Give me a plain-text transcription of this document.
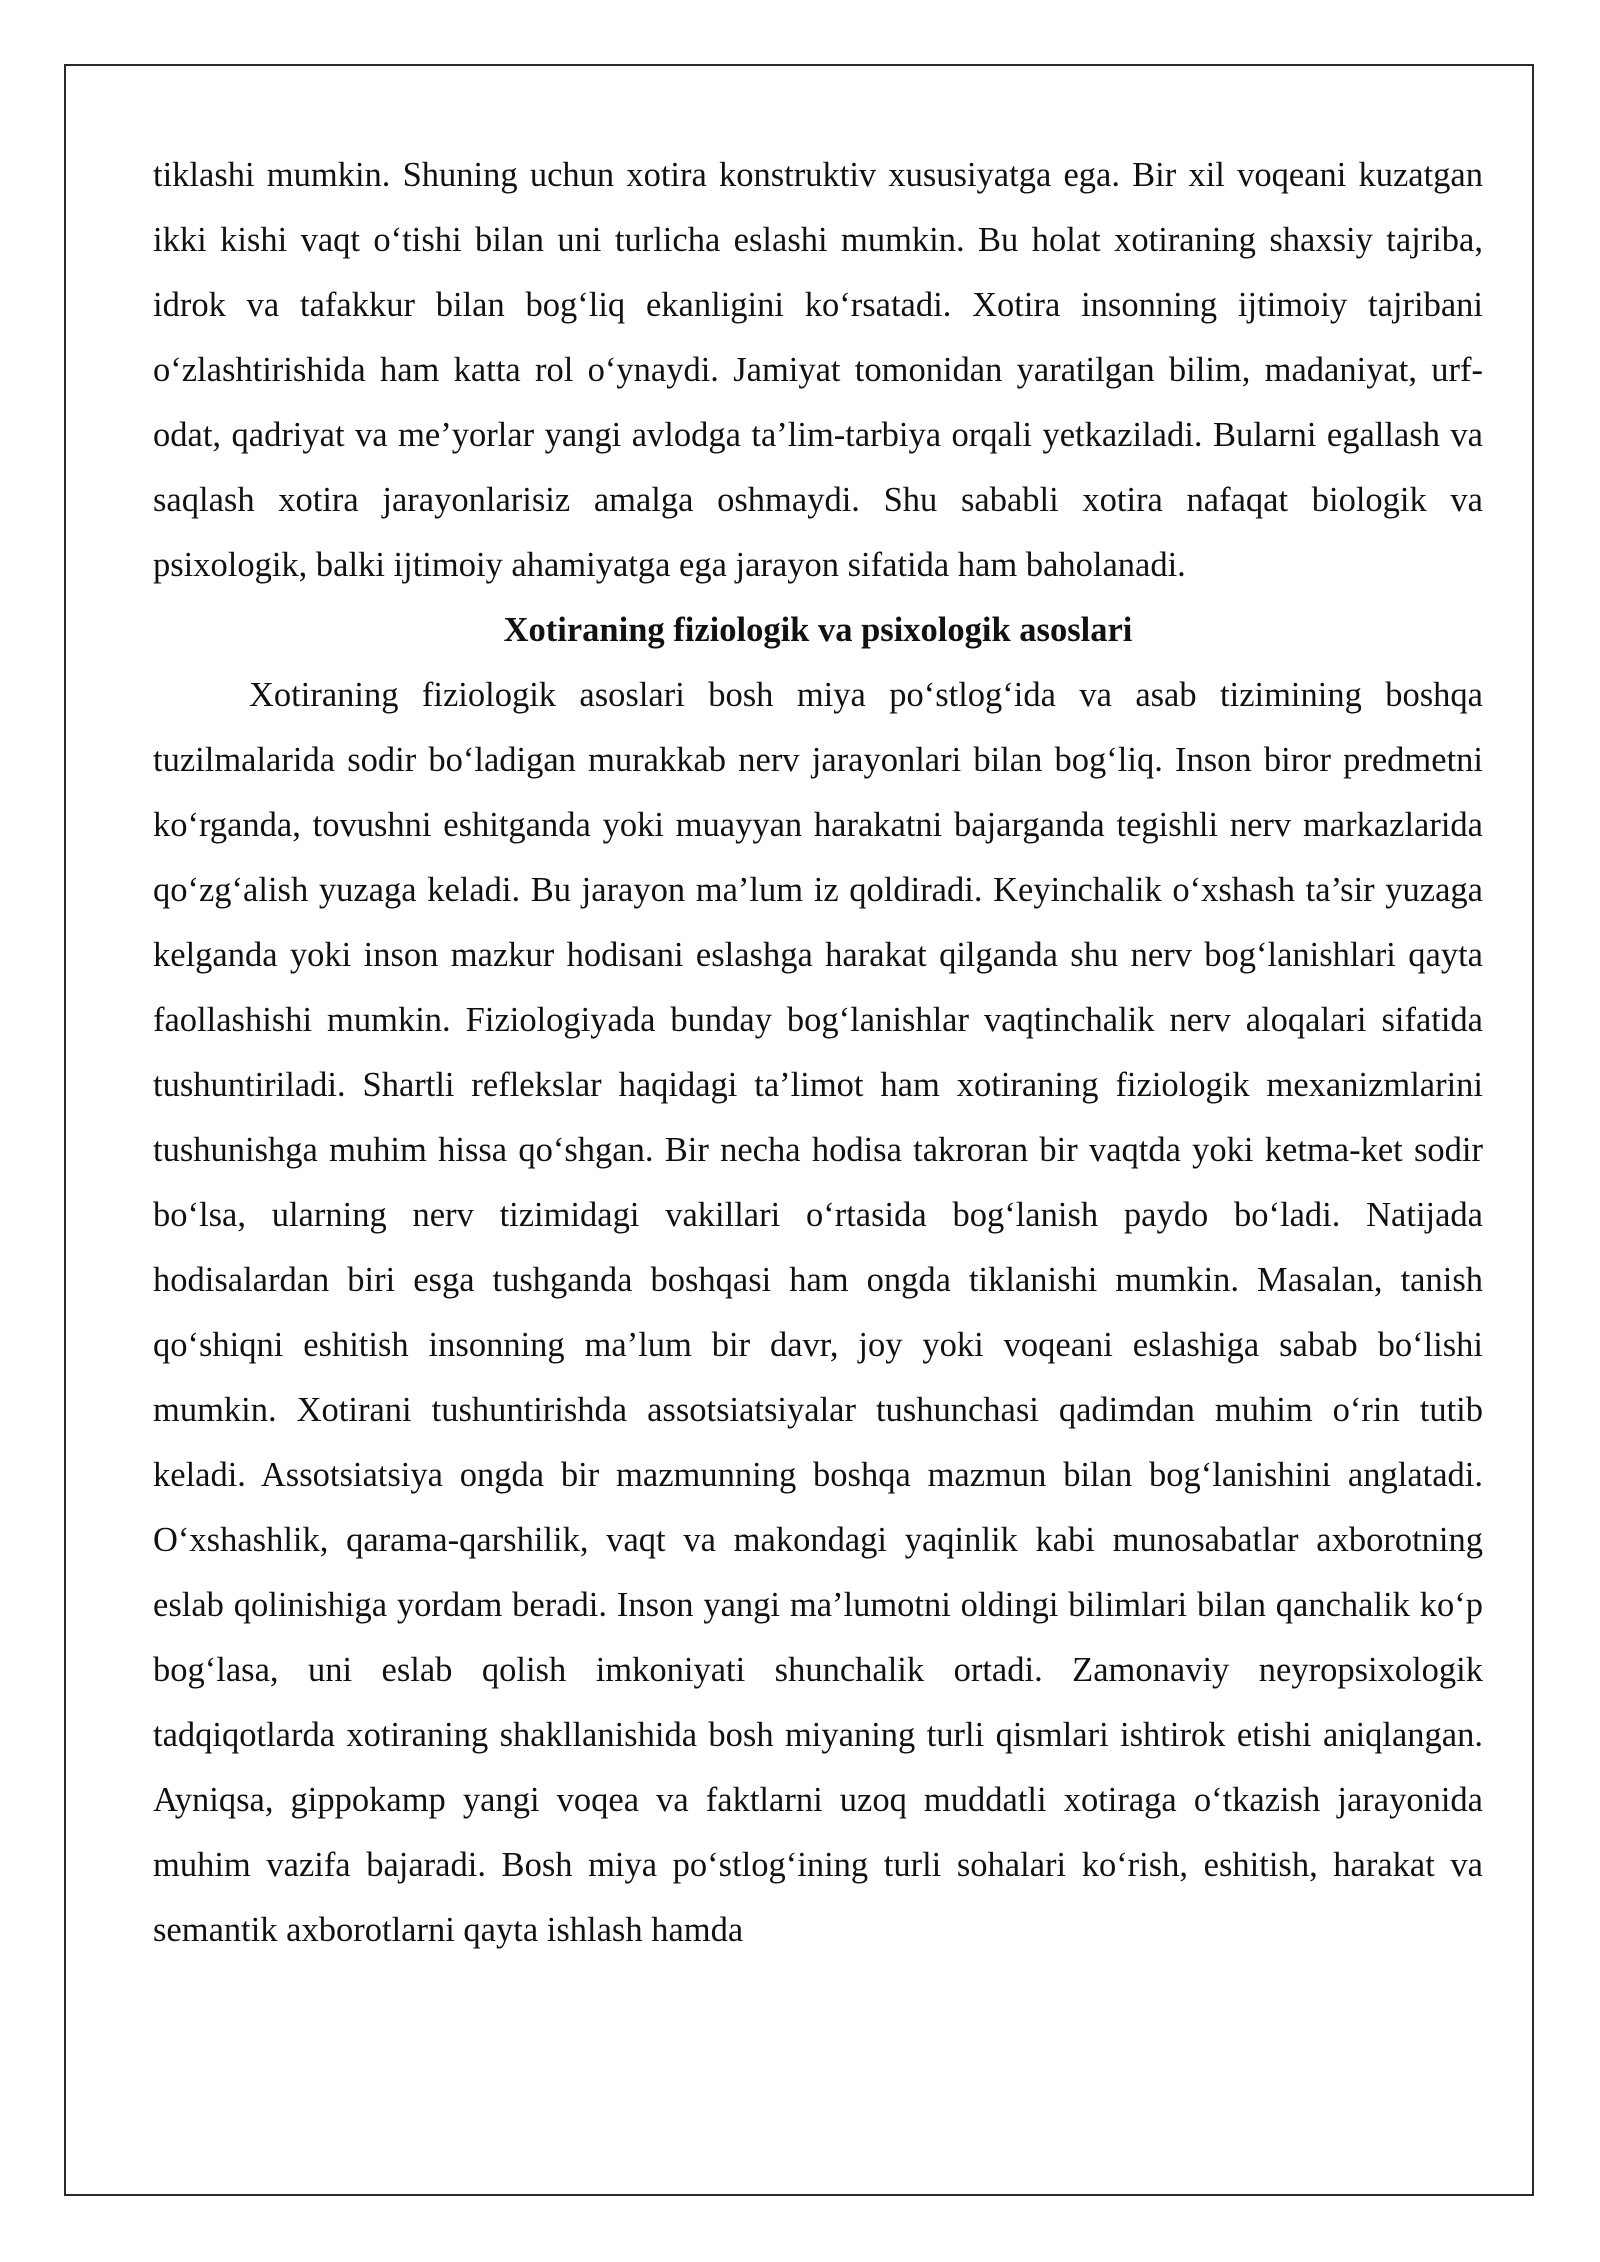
tiklashi mumkin. Shuning uchun xotira konstruktiv xususiyatga ega. Bir xil voqeani kuzatgan ikki kishi vaqt o‘tishi bilan uni turlicha eslashi mumkin. Bu holat xotiraning shaxsiy tajriba, idrok va tafakkur bilan bog‘liq ekanligini ko‘rsatadi. Xotira insonning ijtimoiy tajribani o‘zlashtirishida ham katta rol o‘ynaydi. Jamiyat tomonidan yaratilgan bilim, madaniyat, urf-odat, qadriyat va me’yorlar yangi avlodga ta’lim-tarbiya orqali yetkaziladi. Bularni egallash va saqlash xotira jarayonlarisiz amalga oshmaydi. Shu sababli xotira nafaqat biologik va psixologik, balki ijtimoiy ahamiyatga ega jarayon sifatida ham baholanadi.

Xotiraning fiziologik va psixologik asoslari

Xotiraning fiziologik asoslari bosh miya po‘stlog‘ida va asab tizimining boshqa tuzilmalarida sodir bo‘ladigan murakkab nerv jarayonlari bilan bog‘liq. Inson biror predmetni ko‘rganda, tovushni eshitganda yoki muayyan harakatni bajarganda tegishli nerv markazlarida qo‘zg‘alish yuzaga keladi. Bu jarayon ma’lum iz qoldiradi. Keyinchalik o‘xshash ta’sir yuzaga kelganda yoki inson mazkur hodisani eslashga harakat qilganda shu nerv bog‘lanishlari qayta faollashishi mumkin. Fiziologiyada bunday bog‘lanishlar vaqtinchalik nerv aloqalari sifatida tushuntiriladi. Shartli reflekslar haqidagi ta’limot ham xotiraning fiziologik mexanizmlarini tushunishga muhim hissa qo‘shgan. Bir necha hodisa takroran bir vaqtda yoki ketma-ket sodir bo‘lsa, ularning nerv tizimidagi vakillari o‘rtasida bog‘lanish paydo bo‘ladi. Natijada hodisalardan biri esga tushganda boshqasi ham ongda tiklanishi mumkin. Masalan, tanish qo‘shiqni eshitish insonning ma’lum bir davr, joy yoki voqeani eslashiga sabab bo‘lishi mumkin. Xotirani tushuntirishda assotsiatsiyalar tushunchasi qadimdan muhim o‘rin tutib keladi. Assotsiatsiya ongda bir mazmunning boshqa mazmun bilan bog‘lanishini anglatadi. O‘xshashlik, qarama-qarshilik, vaqt va makondagi yaqinlik kabi munosabatlar axborotning eslab qolinishiga yordam beradi. Inson yangi ma’lumotni oldingi bilimlari bilan qanchalik ko‘p bog‘lasa, uni eslab qolish imkoniyati shunchalik ortadi. Zamonaviy neyropsixologik tadqiqotlarda xotiraning shakllanishida bosh miyaning turli qismlari ishtirok etishi aniqlangan. Ayniqsa, gippokamp yangi voqea va faktlarni uzoq muddatli xotiraga o‘tkazish jarayonida muhim vazifa bajaradi. Bosh miya po‘stlog‘ining turli sohalari ko‘rish, eshitish, harakat va semantik axborotlarni qayta ishlash hamda
